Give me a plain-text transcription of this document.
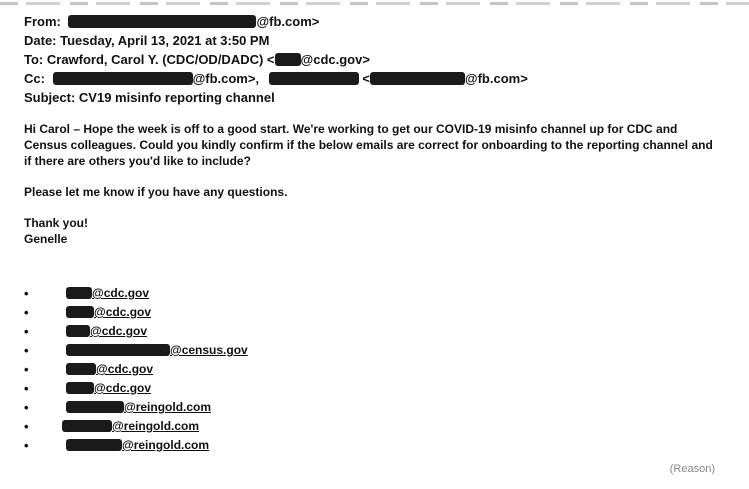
From:	@fb.com>
Date: Tuesday, April 13, 2021 at 3:50 PM
To: Crawford, Carol Y. (CDC/OD/DADC) < @cdc.gov>
Cc:	@fb.com>,	<	@fb.com>
Subject: CV19 misinfo reporting channel

Hi Carol – Hope the week is off to a good start. We're working to get our COVID-19 misinfo channel up for CDC and Census colleagues. Could you kindly confirm if the below emails are correct for onboarding to the reporting channel and if there are others you'd like to include?

Please let me know if you have any questions.

Thank you!
Genelle
•	@cdc.gov
•	@cdc.gov
•	@cdc.gov
•	@census.gov
•	@cdc.gov
•	@cdc.gov
•	@reingold.com
•	@reingold.com
•	@reingold.com
(Reason)
